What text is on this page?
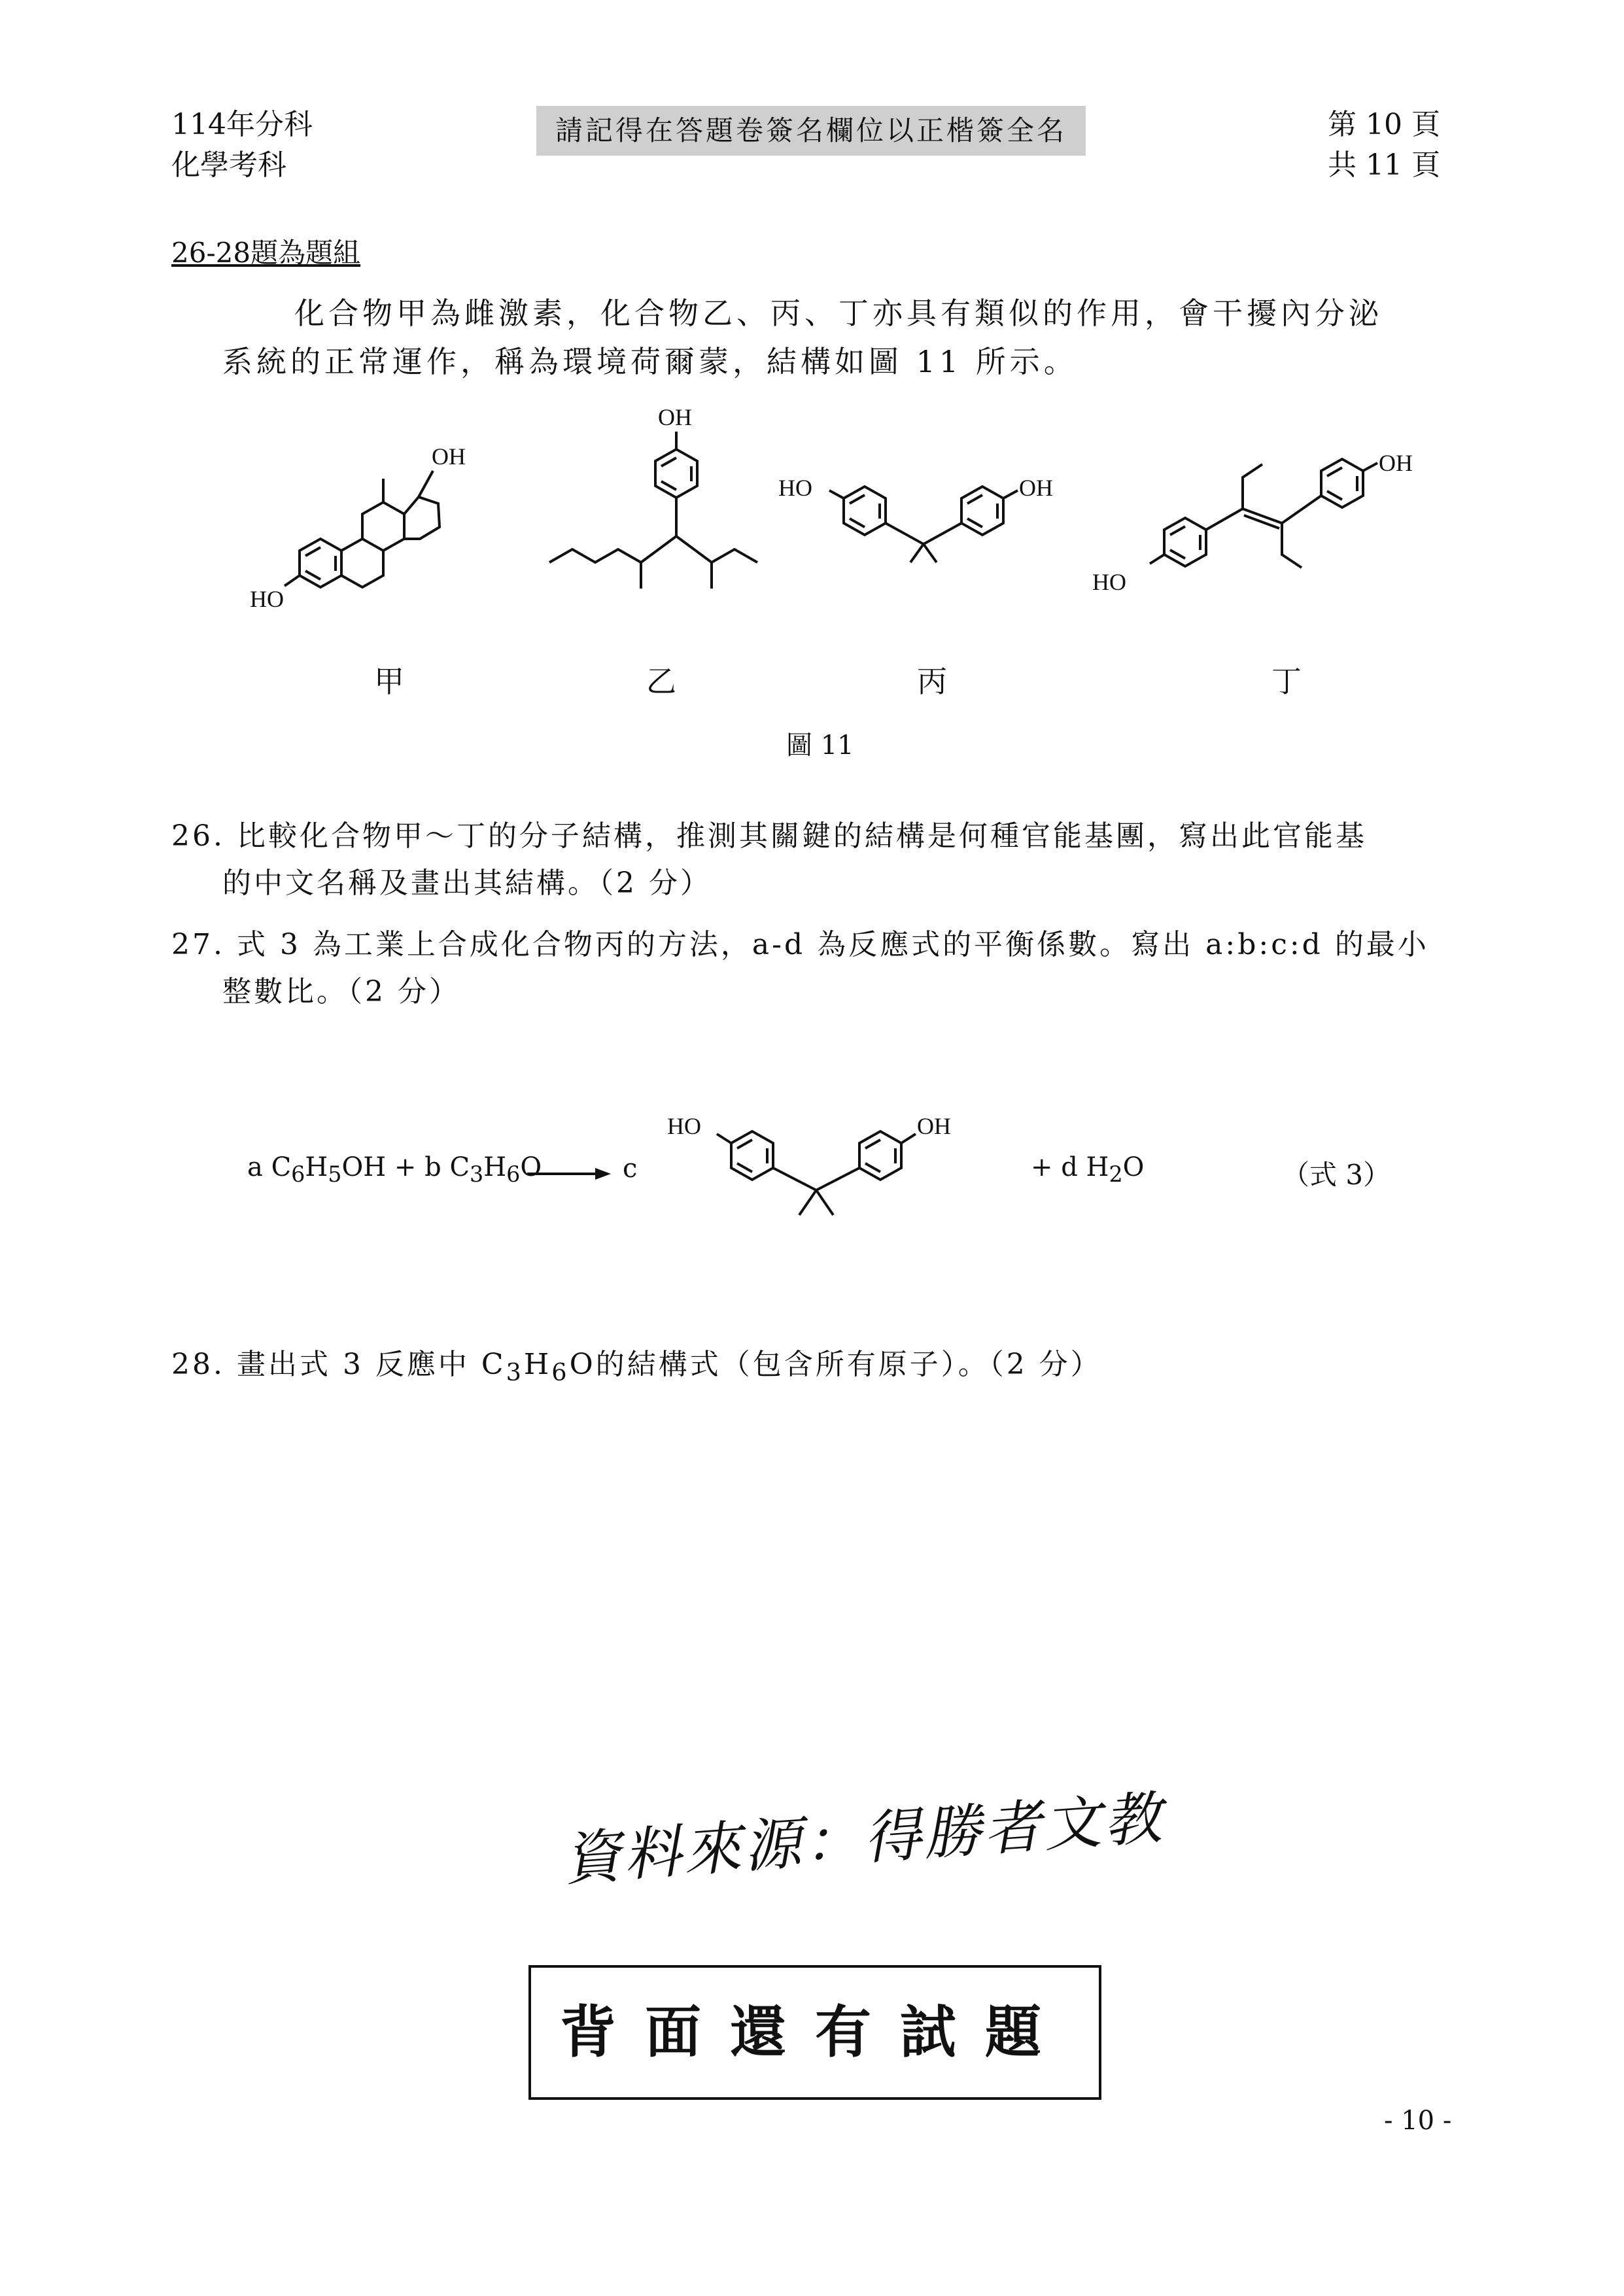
114年分科
化學考科
請記得在答題卷簽名欄位以正楷簽全名	第 10 頁
共 11 頁
26-28題為題組
化合物甲為雌激素，化合物乙、丙、丁亦具有類似的作用，會干擾內分泌
系統的正常運作，稱為環境荷爾蒙，結構如圖 11 所示。
HO
OH
OH
HO	OH
HO
OH
甲	乙	丙	丁
圖 11
26. 比較化合物甲～丁的分子結構，推測其關鍵的結構是何種官能基團，寫出此官能基
的中文名稱及畫出其結構。（2 分）
27. 式 3 為工業上合成化合物丙的方法，a-d 為反應式的平衡係數。寫出 a:b:c:d 的最小
整數比。（2 分）
a $C_6H_5OH + b$ $C_3H_6O$	c
HO	OH
+ d $H_2O$	（式 3）
28. 畫出式 3 反應中 $C_3H_6O$的結構式（包含所有原子）。（2 分）
資料來源：得勝者文教
背面還有試題
- 10 -
